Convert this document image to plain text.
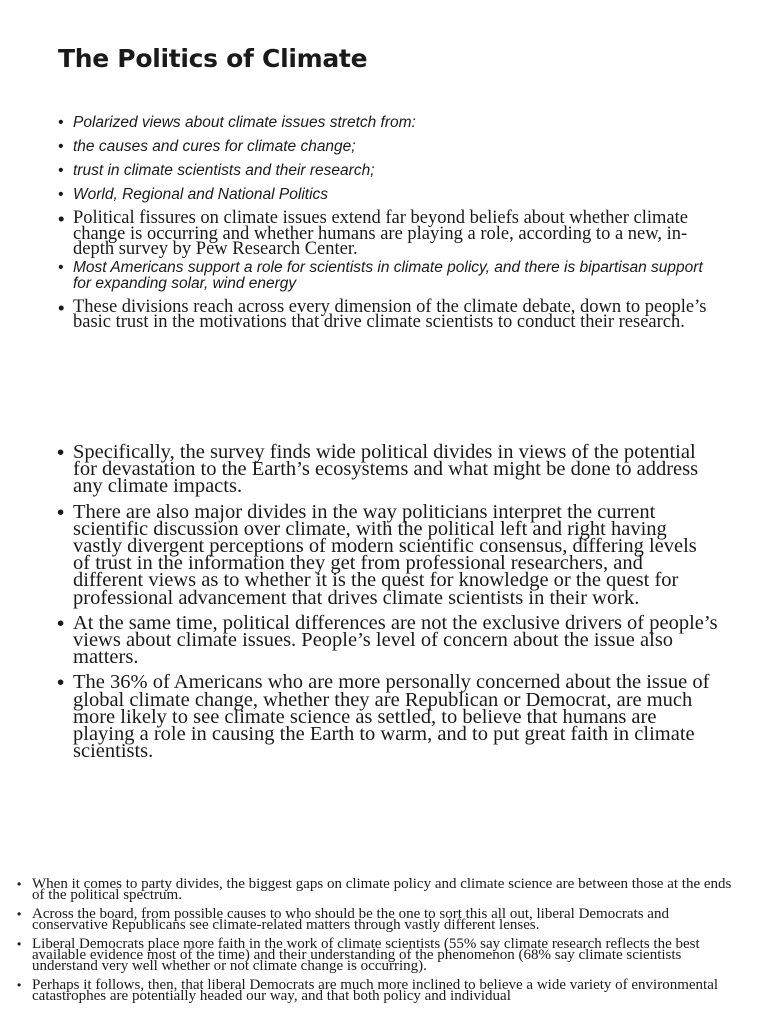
The Politics of Climate
• Polarized views about climate issues stretch from:
• the causes and cures for climate change;
• trust in climate scientists and their research;
• World, Regional and National Politics
• Political fissures on climate issues extend far beyond beliefs about whether climate change is occurring and whether humans are playing a role, according to a new, in-depth survey by Pew Research Center.
• Most Americans support a role for scientists in climate policy, and there is bipartisan support for expanding solar, wind energy
• These divisions reach across every dimension of the climate debate, down to people’s basic trust in the motivations that drive climate scientists to conduct their research.
• Specifically, the survey finds wide political divides in views of the potential for devastation to the Earth’s ecosystems and what might be done to address any climate impacts.
• There are also major divides in the way politicians interpret the current scientific discussion over climate, with the political left and right having vastly divergent perceptions of modern scientific consensus, differing levels of trust in the information they get from professional researchers, and different views as to whether it is the quest for knowledge or the quest for professional advancement that drives climate scientists in their work.
• At the same time, political differences are not the exclusive drivers of people’s views about climate issues. People’s level of concern about the issue also matters.
• The 36% of Americans who are more personally concerned about the issue of global climate change, whether they are Republican or Democrat, are much more likely to see climate science as settled, to believe that humans are playing a role in causing the Earth to warm, and to put great faith in climate scientists.
• When it comes to party divides, the biggest gaps on climate policy and climate science are between those at the ends of the political spectrum.
• Across the board, from possible causes to who should be the one to sort this all out, liberal Democrats and conservative Republicans see climate-related matters through vastly different lenses.
• Liberal Democrats place more faith in the work of climate scientists (55% say climate research reflects the best available evidence most of the time) and their understanding of the phenomenon (68% say climate scientists understand very well whether or not climate change is occurring).
• Perhaps it follows, then, that liberal Democrats are much more inclined to believe a wide variety of environmental catastrophes are potentially headed our way, and that both policy and individual
